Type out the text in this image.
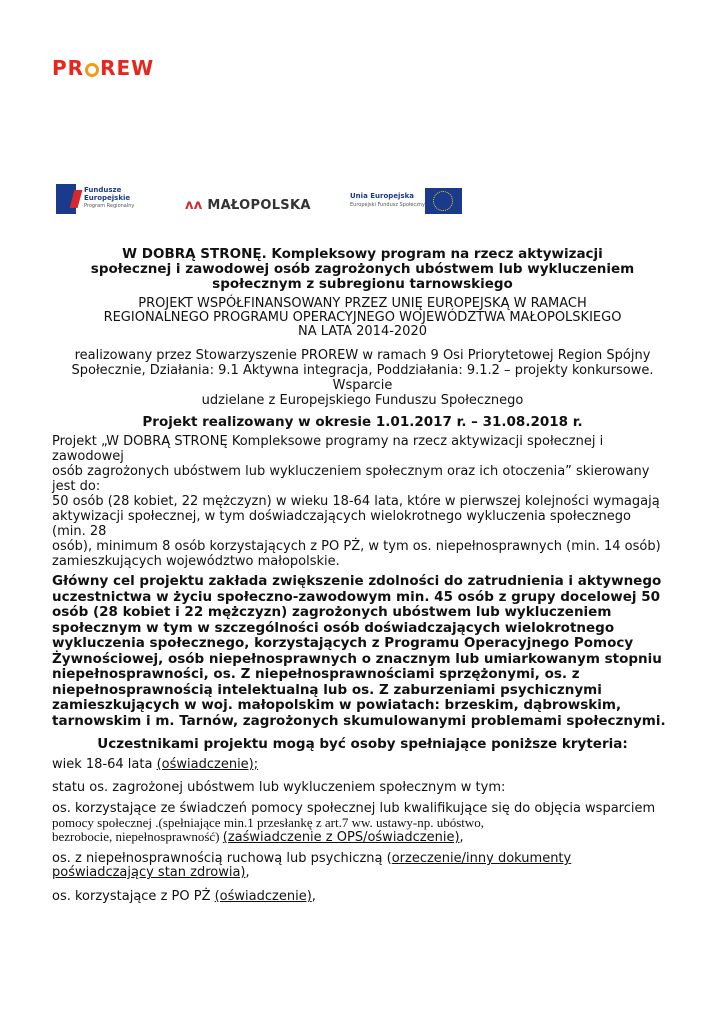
PR REW
Fundusze
Europejskie
Program Regionalny	ʌʌ MAŁOPOLSKA
Unia Europejska
Europejski Fundusz Społeczny
W DOBRĄ STRONĘ. Kompleksowy program na rzecz aktywizacji
społecznej i zawodowej osób zagrożonych ubóstwem lub wykluczeniem
społecznym z subregionu tarnowskiego
PROJEKT WSPÓŁFINANSOWANY PRZEZ UNIĘ EUROPEJSKĄ W RAMACH
REGIONALNEGO PROGRAMU OPERACYJNEGO WOJEWÓDZTWA MAŁOPOLSKIEGO
NA LATA 2014-2020
realizowany przez Stowarzyszenie PROREW w ramach 9 Osi Priorytetowej Region Spójny
Społecznie, Działania: 9.1 Aktywna integracja, Poddziałania: 9.1.2 – projekty konkursowe.
Wsparcie
udzielane z Europejskiego Funduszu Społecznego
Projekt realizowany w okresie 1.01.2017 r. – 31.08.2018 r.
Projekt „W DOBRĄ STRONĘ Kompleksowe programy na rzecz aktywizacji społecznej i
zawodowej
osób zagrożonych ubóstwem lub wykluczeniem społecznym oraz ich otoczenia” skierowany
jest do:
50 osób (28 kobiet, 22 mężczyzn) w wieku 18-64 lata, które w pierwszej kolejności wymagają
aktywizacji społecznej, w tym doświadczających wielokrotnego wykluczenia społecznego
(min. 28
osób), minimum 8 osób korzystających z PO PŻ, w tym os. niepełnosprawnych (min. 14 osób)
zamieszkujących województwo małopolskie.
Główny cel projektu zakłada zwiększenie zdolności do zatrudnienia i aktywnego
uczestnictwa w życiu społeczno-zawodowym min. 45 osób z grupy docelowej 50
osób (28 kobiet i 22 mężczyzn) zagrożonych ubóstwem lub wykluczeniem
społecznym w tym w szczególności osób doświadczających wielokrotnego
wykluczenia społecznego, korzystających z Programu Operacyjnego Pomocy
Żywnościowej, osób niepełnosprawnych o znacznym lub umiarkowanym stopniu
niepełnosprawności, os. Z niepełnosprawnościami sprzężonymi, os. z
niepełnosprawnością intelektualną lub os. Z zaburzeniami psychicznymi
zamieszkujących w woj. małopolskim w powiatach: brzeskim, dąbrowskim,
tarnowskim i m. Tarnów, zagrożonych skumulowanymi problemami społecznymi.
Uczestnikami projektu mogą być osoby spełniające poniższe kryteria:
wiek 18-64 lata (oświadczenie);
statu os. zagrożonej ubóstwem lub wykluczeniem społecznym w tym:
os. korzystające ze świadczeń pomocy społecznej lub kwalifikujące się do objęcia wsparciem
pomocy społecznej .(spełniające min.1 przesłankę z art.7 ww. ustawy-np. ubóstwo,
bezrobocie, niepełnosprawność) (zaświadczenie z OPS/oświadczenie),
os. z niepełnosprawnością ruchową lub psychiczną (orzeczenie/inny dokumenty
poświadczający stan zdrowia),
os. korzystające z PO PŻ (oświadczenie),
